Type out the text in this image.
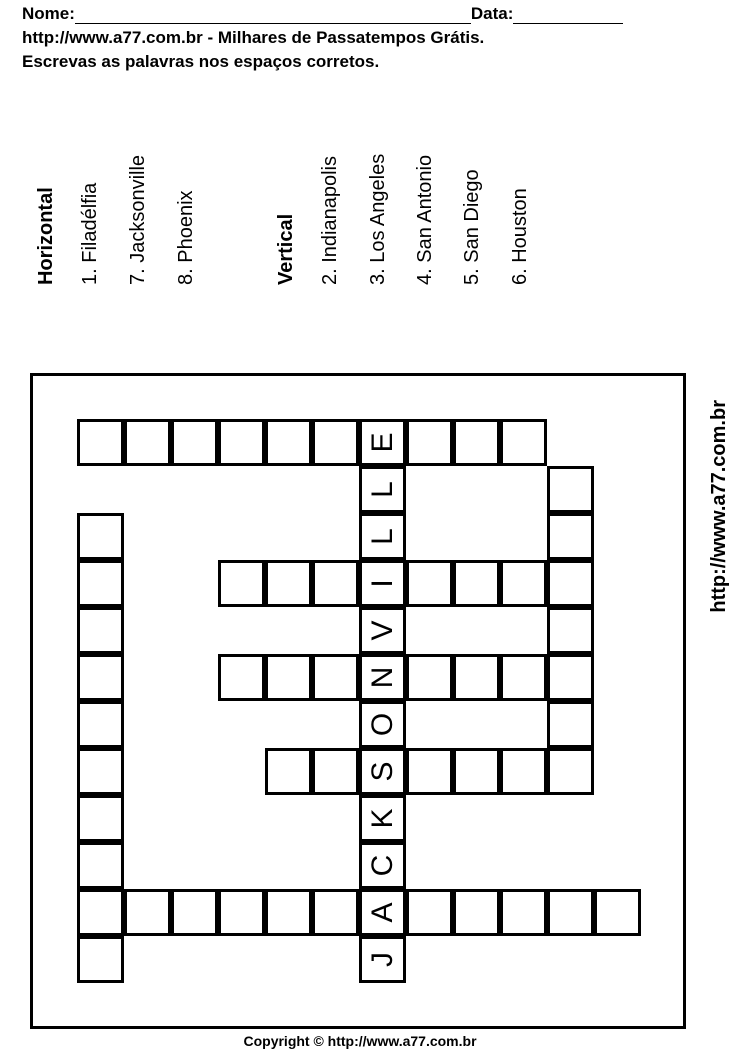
Nome:	Data:
http://www.a77.com.br - Milhares de Passatempos Grátis.
Escrevas as palavras nos espaços corretos.
Horizontal 1. Filadélfia 7. Jacksonville 8. Phoenix	Vertical 2. Indianapolis 3. Los Angeles 4. San Antonio 5. San Diego 6. Houston
E
L
L
I
V
N
O
S
K
C
A
J
http://www.a77.com.br
Copyright © http://www.a77.com.br
